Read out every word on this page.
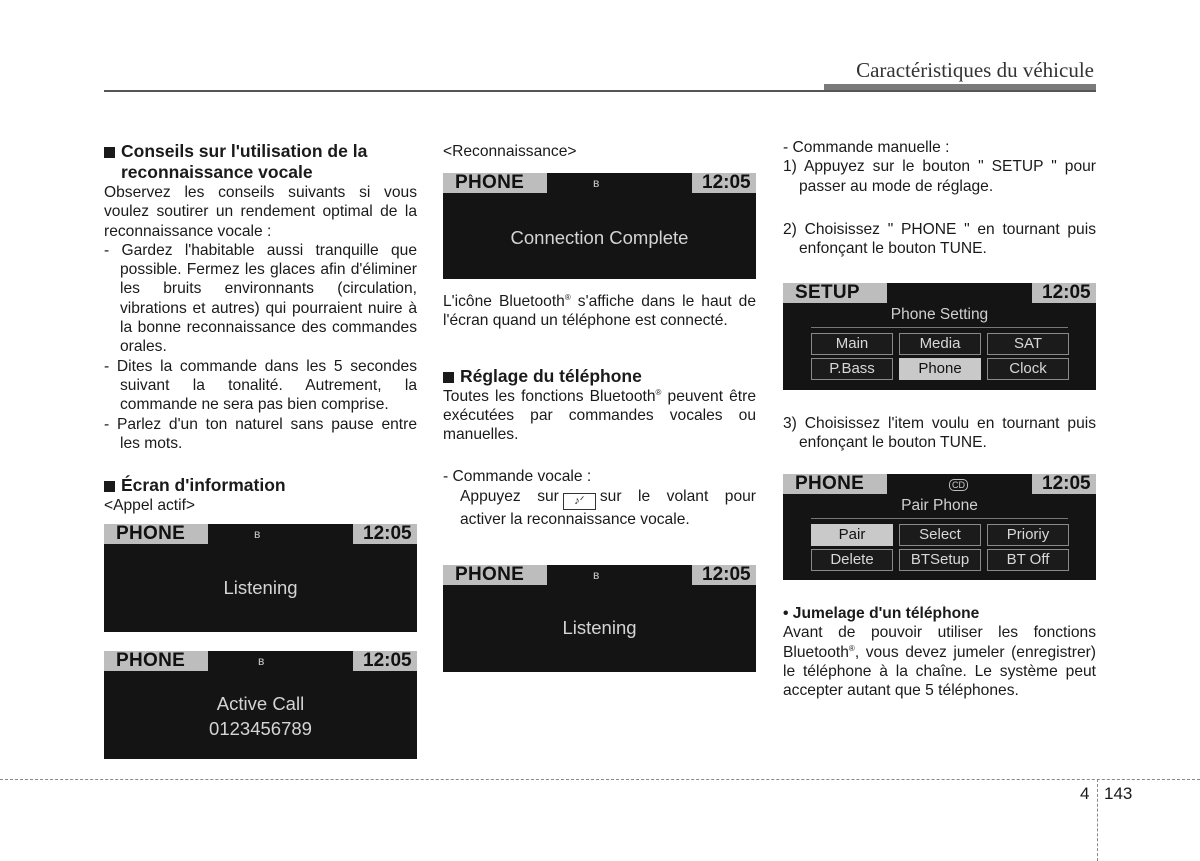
Caractéristiques du véhicule
Conseils sur l'utilisation de la
reconnaissance vocale

Observez les conseils suivants si vous voulez soutirer un rendement optimal de la reconnaissance vocale :

- Gardez l'habitable aussi tranquille que possible. Fermez les glaces afin d'éliminer les bruits environnants (circulation, vibrations et autres) qui pourraient nuire à la bonne reconnaissance des commandes orales.

- Dites la commande dans les 5 secondes suivant la tonalité. Autrement, la commande ne sera pas bien comprise.

- Parlez d'un ton naturel sans pause entre les mots.

Écran d'information

<Appel actif>

PHONE	ʙ	12:05
Listening
PHONE	ʙ	12:05
Active Call
0123456789

<Reconnaissance>

PHONE	ʙ	12:05
Connection Complete

L'icône Bluetooth® s'affiche dans le haut de l'écran quand un téléphone est connecté.

Réglage du téléphone

Toutes les fonctions Bluetooth® peuvent être exécutées par commandes vocales ou manuelles.

- Commande vocale :

Appuyez sur ♪ᐟ sur le volant pour activer la reconnaissance vocale.

PHONE	ʙ	12:05
Listening

- Commande manuelle :

1) Appuyez sur le bouton " SETUP " pour passer au mode de réglage.

2) Choisissez " PHONE " en tournant puis enfonçant le bouton TUNE.

SETUP	12:05
Phone Setting
Main	Media	SAT
P.Bass	Phone	Clock

3) Choisissez l'item voulu en tournant puis enfonçant le bouton TUNE.

PHONE	CD	12:05
Pair Phone
Pair	Select	Prioriy
Delete	BTSetup	BT Off

• Jumelage d'un téléphone

Avant de pouvoir utiliser les fonctions Bluetooth®, vous devez jumeler (enregistrer) le téléphone à la chaîne. Le système peut accepter autant que 5 téléphones.

4 143
